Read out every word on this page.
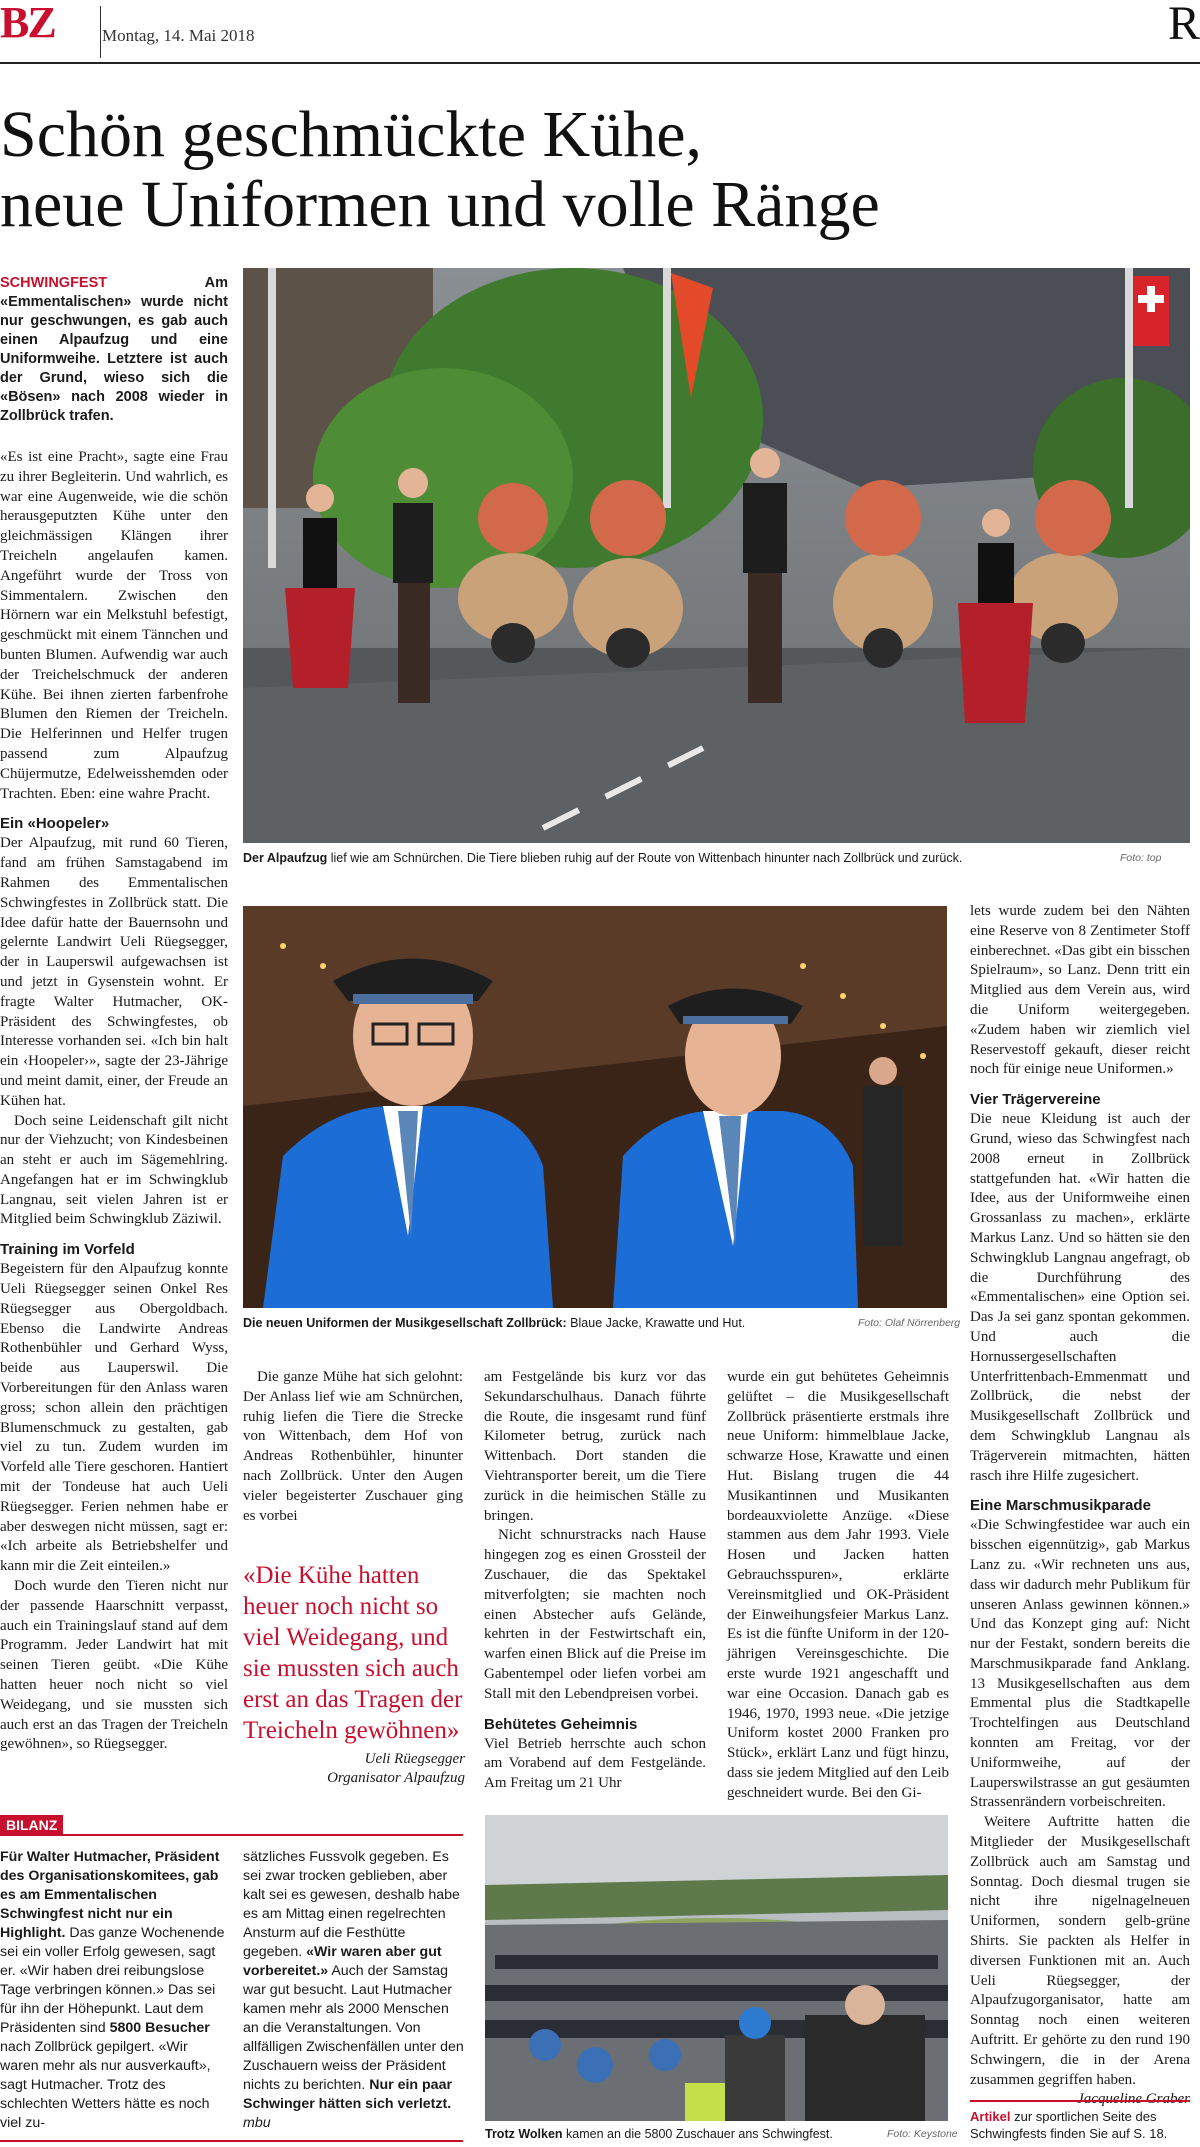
BZ	Montag, 14. Mai 2018	R
Schön geschmückte Kühe,
neue Uniformen und volle Ränge
SCHWINGFEST	Am «Emmentalischen» wurde nicht nur geschwungen, es gab auch einen Alpaufzug und eine Uniformweihe. Letztere ist auch der Grund, wieso sich die «Bösen» nach 2008 wieder in Zollbrück trafen.

«Es ist eine Pracht», sagte eine Frau zu ihrer Begleiterin. Und wahrlich, es war eine Augenweide, wie die schön herausgeputzten Kühe unter den gleichmässigen Klängen ihrer Treicheln angelaufen kamen. Angeführt wurde der Tross von Simmentalern. Zwischen den Hörnern war ein Melkstuhl befestigt, geschmückt mit einem Tännchen und bunten Blumen. Aufwendig war auch der Treichelschmuck der anderen Kühe. Bei ihnen zierten farbenfrohe Blumen den Riemen der Treicheln. Die Helferinnen und Helfer trugen passend zum Alpaufzug Chüjermutze, Edelweisshemden oder Trachten. Eben: eine wahre Pracht.

Ein «Hoopeler»

Der Alpaufzug, mit rund 60 Tieren, fand am frühen Samstagabend im Rahmen des Emmentalischen Schwingfestes in Zollbrück statt. Die Idee dafür hatte der Bauernsohn und gelernte Landwirt Ueli Rüegsegger, der in Lauperswil aufgewachsen ist und jetzt in Gysenstein wohnt. Er fragte Walter Hutmacher, OK-Präsident des Schwingfestes, ob Interesse vorhanden sei. «Ich bin halt ein ‹Hoopeler›», sagte der 23-Jährige und meint damit, einer, der Freude an Kühen hat.

Doch seine Leidenschaft gilt nicht nur der Viehzucht; von Kindesbeinen an steht er auch im Sägemehlring. Angefangen hat er im Schwingklub Langnau, seit vielen Jahren ist er Mitglied beim Schwingklub Zäziwil.

Training im Vorfeld

Begeistern für den Alpaufzug konnte Ueli Rüegsegger seinen Onkel Res Rüegsegger aus Obergoldbach. Ebenso die Landwirte Andreas Rothenbühler und Gerhard Wyss, beide aus Lauperswil. Die Vorbereitungen für den Anlass waren gross; schon allein den prächtigen Blumenschmuck zu gestalten, gab viel zu tun. Zudem wurden im Vorfeld alle Tiere geschoren. Hantiert mit der Tondeuse hat auch Ueli Rüegsegger. Ferien nehmen habe er aber deswegen nicht müssen, sagt er: «Ich arbeite als Betriebshelfer und kann mir die Zeit einteilen.»

Doch wurde den Tieren nicht nur der passende Haarschnitt verpasst, auch ein Trainingslauf stand auf dem Programm. Jeder Landwirt hat mit seinen Tieren geübt. «Die Kühe hatten heuer noch nicht so viel Weidegang, und sie mussten sich auch erst an das Tragen der Treicheln gewöhnen», so Rüegsegger.

Der Alpaufzug lief wie am Schnürchen. Die Tiere blieben ruhig auf der Route von Wittenbach hinunter nach Zollbrück und zurück.	Foto: top
Die neuen Uniformen der Musikgesellschaft Zollbrück: Blaue Jacke, Krawatte und Hut.	Foto: Olaf Nörrenberg

Die ganze Mühe hat sich gelohnt: Der Anlass lief wie am Schnürchen, ruhig liefen die Tiere die Strecke von Wittenbach, dem Hof von Andreas Rothenbühler, hinunter nach Zollbrück. Unter den Augen vieler begeisterter Zuschauer ging es vorbei

«Die Kühe hatten heuer noch nicht so viel Weidegang, und sie mussten sich auch erst an das Tragen der Treicheln gewöhnen»
Ueli Rüegsegger
Organisator Alpaufzug

am Festgelände bis kurz vor das Sekundarschulhaus. Danach führte die Route, die insgesamt rund fünf Kilometer betrug, zurück nach Wittenbach. Dort standen die Viehtransporter bereit, um die Tiere zurück in die heimischen Ställe zu bringen.

Nicht schnurstracks nach Hause hingegen zog es einen Grossteil der Zuschauer, die das Spektakel mitverfolgten; sie machten noch einen Abstecher aufs Gelände, kehrten in der Festwirtschaft ein, warfen einen Blick auf die Preise im Gabentempel oder liefen vorbei am Stall mit den Lebendpreisen vorbei.

Behütetes Geheimnis

Viel Betrieb herrschte auch schon am Vorabend auf dem Festgelände. Am Freitag um 21 Uhr

wurde ein gut behütetes Geheimnis gelüftet – die Musikgesellschaft Zollbrück präsentierte erstmals ihre neue Uniform: himmelblaue Jacke, schwarze Hose, Krawatte und einen Hut. Bislang trugen die 44 Musikantinnen und Musikanten bordeauxviolette Anzüge. «Diese stammen aus dem Jahr 1993. Viele Hosen und Jacken hatten Gebrauchsspuren», erklärte Vereinsmitglied und OK-Präsident der Einweihungsfeier Markus Lanz. Es ist die fünfte Uniform in der 120-jährigen Vereinsgeschichte. Die erste wurde 1921 angeschafft und war eine Occasion. Danach gab es 1946, 1970, 1993 neue. «Die jetzige Uniform kostet 2000 Franken pro Stück», erklärt Lanz und fügt hinzu, dass sie jedem Mitglied auf den Leib geschneidert wurde. Bei den Gi-

lets wurde zudem bei den Nähten eine Reserve von 8 Zentimeter Stoff einberechnet. «Das gibt ein bisschen Spielraum», so Lanz. Denn tritt ein Mitglied aus dem Verein aus, wird die Uniform weitergegeben. «Zudem haben wir ziemlich viel Reservestoff gekauft, dieser reicht noch für einige neue Uniformen.»

Vier Trägervereine

Die neue Kleidung ist auch der Grund, wieso das Schwingfest nach 2008 erneut in Zollbrück stattgefunden hat. «Wir hatten die Idee, aus der Uniformweihe einen Grossanlass zu machen», erklärte Markus Lanz. Und so hätten sie den Schwingklub Langnau angefragt, ob die Durchführung des «Emmentalischen» eine Option sei. Das Ja sei ganz spontan gekommen. Und auch die Hornussergesellschaften Unterfrittenbach-Emmenmatt und Zollbrück, die nebst der Musikgesellschaft Zollbrück und dem Schwingklub Langnau als Trägerverein mitmachten, hätten rasch ihre Hilfe zugesichert.

Eine Marschmusikparade

«Die Schwingfestidee war auch ein bisschen eigennützig», gab Markus Lanz zu. «Wir rechneten uns aus, dass wir dadurch mehr Publikum für unseren Anlass gewinnen können.» Und das Konzept ging auf: Nicht nur der Festakt, sondern bereits die Marschmusikparade fand Anklang. 13 Musikgesellschaften aus dem Emmental plus die Stadtkapelle Trochtelfingen aus Deutschland konnten am Freitag, vor der Uniformweihe, auf der Lauperswilstrasse an gut gesäumten Strassenrändern vorbeischreiten.

Weitere Auftritte hatten die Mitglieder der Musikgesellschaft Zollbrück auch am Samstag und Sonntag. Doch diesmal trugen sie nicht ihre nigelnagelneuen Uniformen, sondern gelb-grüne Shirts. Sie packten als Helfer in diversen Funktionen mit an. Auch Ueli Rüegsegger, der Alpaufzugorganisator, hatte am Sonntag noch einen weiteren Auftritt. Er gehörte zu den rund 190 Schwingern, die in der Arena zusammen gegriffen haben.

Artikel zur sportlichen Seite des Schwingfests finden Sie auf S. 18.
Trotz Wolken kamen an die 5800 Zuschauer ans Schwingfest.	Foto: Keystone
BILANZ
Für Walter Hutmacher, Präsident des Organisationskomitees, gab es am Emmentalischen Schwingfest nicht nur ein Highlight. Das ganze Wochenende sei ein voller Erfolg gewesen, sagt er. «Wir haben drei reibungslose Tage verbringen können.» Das sei für ihn der Höhepunkt. Laut dem Präsidenten sind 5800 Besucher nach Zollbrück gepilgert. «Wir waren mehr als nur ausverkauft», sagt Hutmacher. Trotz des schlechten Wetters hätte es noch viel zu-
sätzliches Fussvolk gegeben. Es sei zwar trocken geblieben, aber kalt sei es gewesen, deshalb habe es am Mittag einen regelrechten Ansturm auf die Festhütte gegeben. «Wir waren aber gut vorbereitet.» Auch der Samstag war gut besucht. Laut Hutmacher kamen mehr als 2000 Menschen an die Veranstaltungen. Von allfälligen Zwischenfällen unter den Zuschauern weiss der Präsident nichts zu berichten. Nur ein paar Schwinger hätten sich verletzt. mbu
